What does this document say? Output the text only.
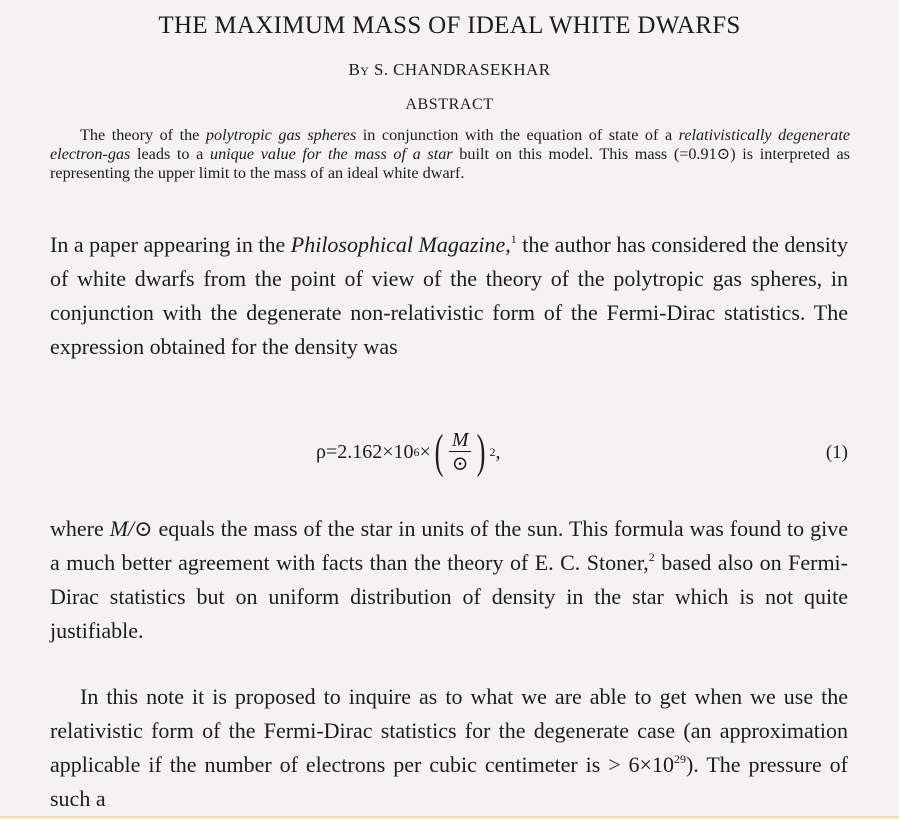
THE MAXIMUM MASS OF IDEAL WHITE DWARFS

By S. CHANDRASEKHAR

ABSTRACT

The theory of the polytropic gas spheres in conjunction with the equation of state of a relativistically degenerate electron-gas leads to a unique value for the mass of a star built on this model. This mass (=0.91⊙) is interpreted as representing the upper limit to the mass of an ideal white dwarf.

In a paper appearing in the Philosophical Magazine,$^1$ the author has considered the density of white dwarfs from the point of view of the theory of the polytropic gas spheres, in conjunction with the degenerate non-relativistic form of the Fermi-Dirac statistics. The expression obtained for the density was

ρ=2.162×10 6 × ( $\frac{M}{⊙}$ ) 2 ,	(1)

where M/⊙ equals the mass of the star in units of the sun. This formula was found to give a much better agreement with facts than the theory of E. C. Stoner,$^2$ based also on Fermi-Dirac statistics but on uniform distribution of density in the star which is not quite justifiable.

In this note it is proposed to inquire as to what we are able to get when we use the relativistic form of the Fermi-Dirac statistics for the degenerate case (an approximation applicable if the number of electrons per cubic centimeter is > 6×10$^{29}$). The pressure of such a
